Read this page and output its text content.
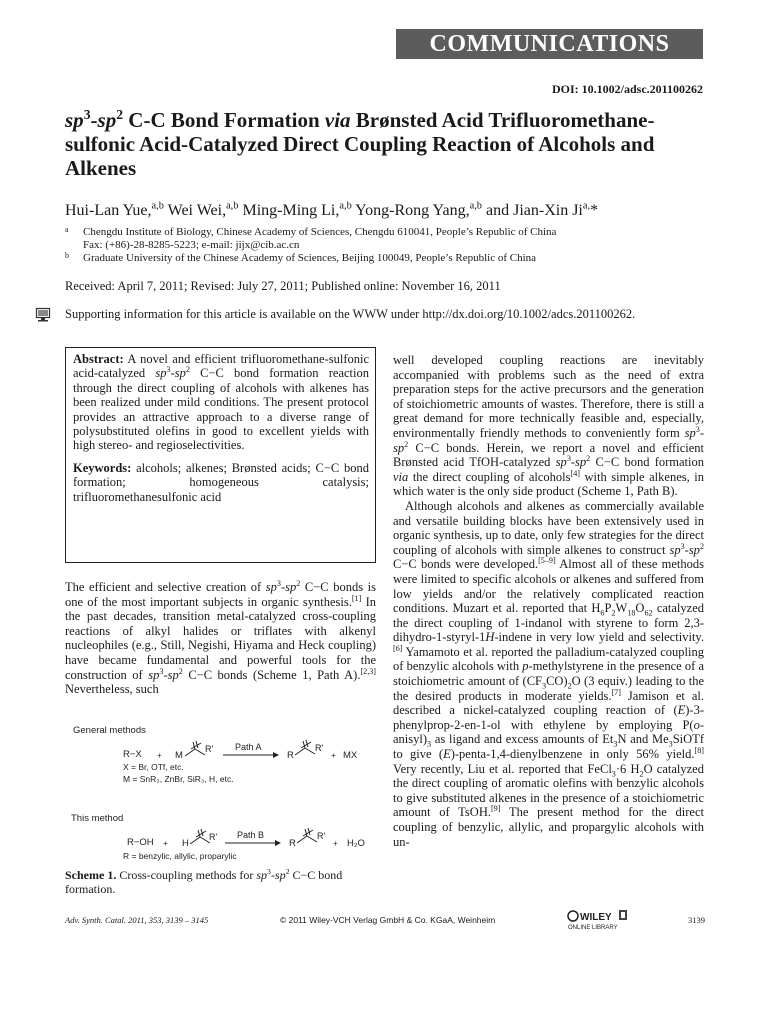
COMMUNICATIONS
DOI: 10.1002/adsc.201100262
$sp^3-sp^2$ C-C Bond Formation via Brønsted Acid Trifluoromethane-sulfonic Acid-Catalyzed Direct Coupling Reaction of Alcohols and Alkenes
Hui-Lan Yue,$^{a,b}$ Wei Wei,$^{a,b}$ Ming-Ming Li,$^{a,b}$ Yong-Rong Yang,$^{a,b}$ and Jian-Xin $Ji^{a,}*$
a	Chengdu Institute of Biology, Chinese Academy of Sciences, Chengdu 610041, People’s Republic of China
Fax: (+86)-28-8285-5223; e-mail: jijx@cib.ac.cn
b	Graduate University of the Chinese Academy of Sciences, Beijing 100049, People’s Republic of China
Received: April 7, 2011; Revised: July 27, 2011; Published online: November 16, 2011
Supporting information for this article is available on the WWW under http://dx.doi.org/10.1002/adcs.201100262.

Abstract: A novel and efficient trifluoromethane-sulfonic acid-catalyzed $sp^3-sp^2$ C−C bond formation reaction through the direct coupling of alcohols with alkenes has been realized under mild conditions. The present protocol provides an attractive approach to a diverse range of polysubstituted olefins in good to excellent yields with high stereo- and regioselectivities.

Keywords: alcohols; alkenes; Brønsted acids; C−C bond formation; homogeneous catalysis; trifluoromethanesulfonic acid

The efficient and selective creation of $sp^3-sp^2$ C−C bonds is one of the most important subjects in organic synthesis.[1] In the past decades, transition metal-catalyzed cross-coupling reactions of alkyl halides or triflates with alkenyl nucleophiles (e.g., Still, Negishi, Hiyama and Heck coupling) have became fundamental and powerful tools for the construction of $sp^3-sp^2$ C−C bonds (Scheme 1, Path A).[2,3] Nevertheless, such

General methods
R−X + M
R' Path A
R
R'
+ MX
X = Br, OTf, etc.
M = SnR₃, ZnBr, SiR₃, H, etc.
This method
R−OH + H
R' Path B
R
R'
+ H₂O
R = benzylic, allylic, proparylic
Scheme 1. Cross-coupling methods for $sp^3-sp^2$ C−C bond formation.

well developed coupling reactions are inevitably accompanied with problems such as the need of extra preparation steps for the active precursors and the generation of stoichiometric amounts of wastes. Therefore, there is still a great demand for more technically feasible and, especially, environmentally friendly methods to conveniently form $sp^3-sp^2$ C−C bonds. Herein, we report a novel and efficient Brønsted acid TfOH-catalyzed $sp^3-sp^2$ C−C bond formation via the direct coupling of alcohols[4] with simple alkenes, in which water is the only side product (Scheme 1, Path B).

Although alcohols and alkenes as commercially available and versatile building blocks have been extensively used in organic synthesis, up to date, only few strategies for the direct coupling of alcohols with simple alkenes to construct $sp^3-sp^2$ C−C bonds were developed.[5–9] Almost all of these methods were limited to specific alcohols or alkenes and suffered from low yields and/or the relatively complicated reaction conditions. Muzart et al. reported that $H_6P_2W_{18}O_{62}$ catalyzed the direct coupling of 1-indanol with styrene to form 2,3-dihydro-1-styryl-1H-indene in very low yield and selectivity.[6] Yamamoto et al. reported the palladium-catalyzed coupling of benzylic alcohols with p-methylstyrene in the presence of a stoichiometric amount of $(CF_3CO)_2O$ (3 equiv.) leading to the the desired products in moderate yields.[7] Jamison et al. described a nickel-catalyzed coupling reaction of (E)-3-phenylprop-2-en-1-ol with ethylene by employing $P(o-anisyl)_3$ as ligand and excess amounts of $Et_3N$ and $Me_3SiOTf$ to give (E)-penta-1,4-dienylbenzene in only 56% yield.[8] Very recently, Liu et al. reported that FeCl$_3$·6 $H_2O$ catalyzed the direct coupling of aromatic olefins with benzylic alcohols to give substituted alkenes in the presence of a stoichiometric amount of TsOH.[9] The present method for the direct coupling of benzylic, allylic, and propargylic alcohols with un-

Adv. Synth. Catal. 2011, 353, 3139 – 3145	© 2011 Wiley-VCH Verlag GmbH & Co. KGaA, Weinheim	WILEY
ONLINE LIBRARY
3139
